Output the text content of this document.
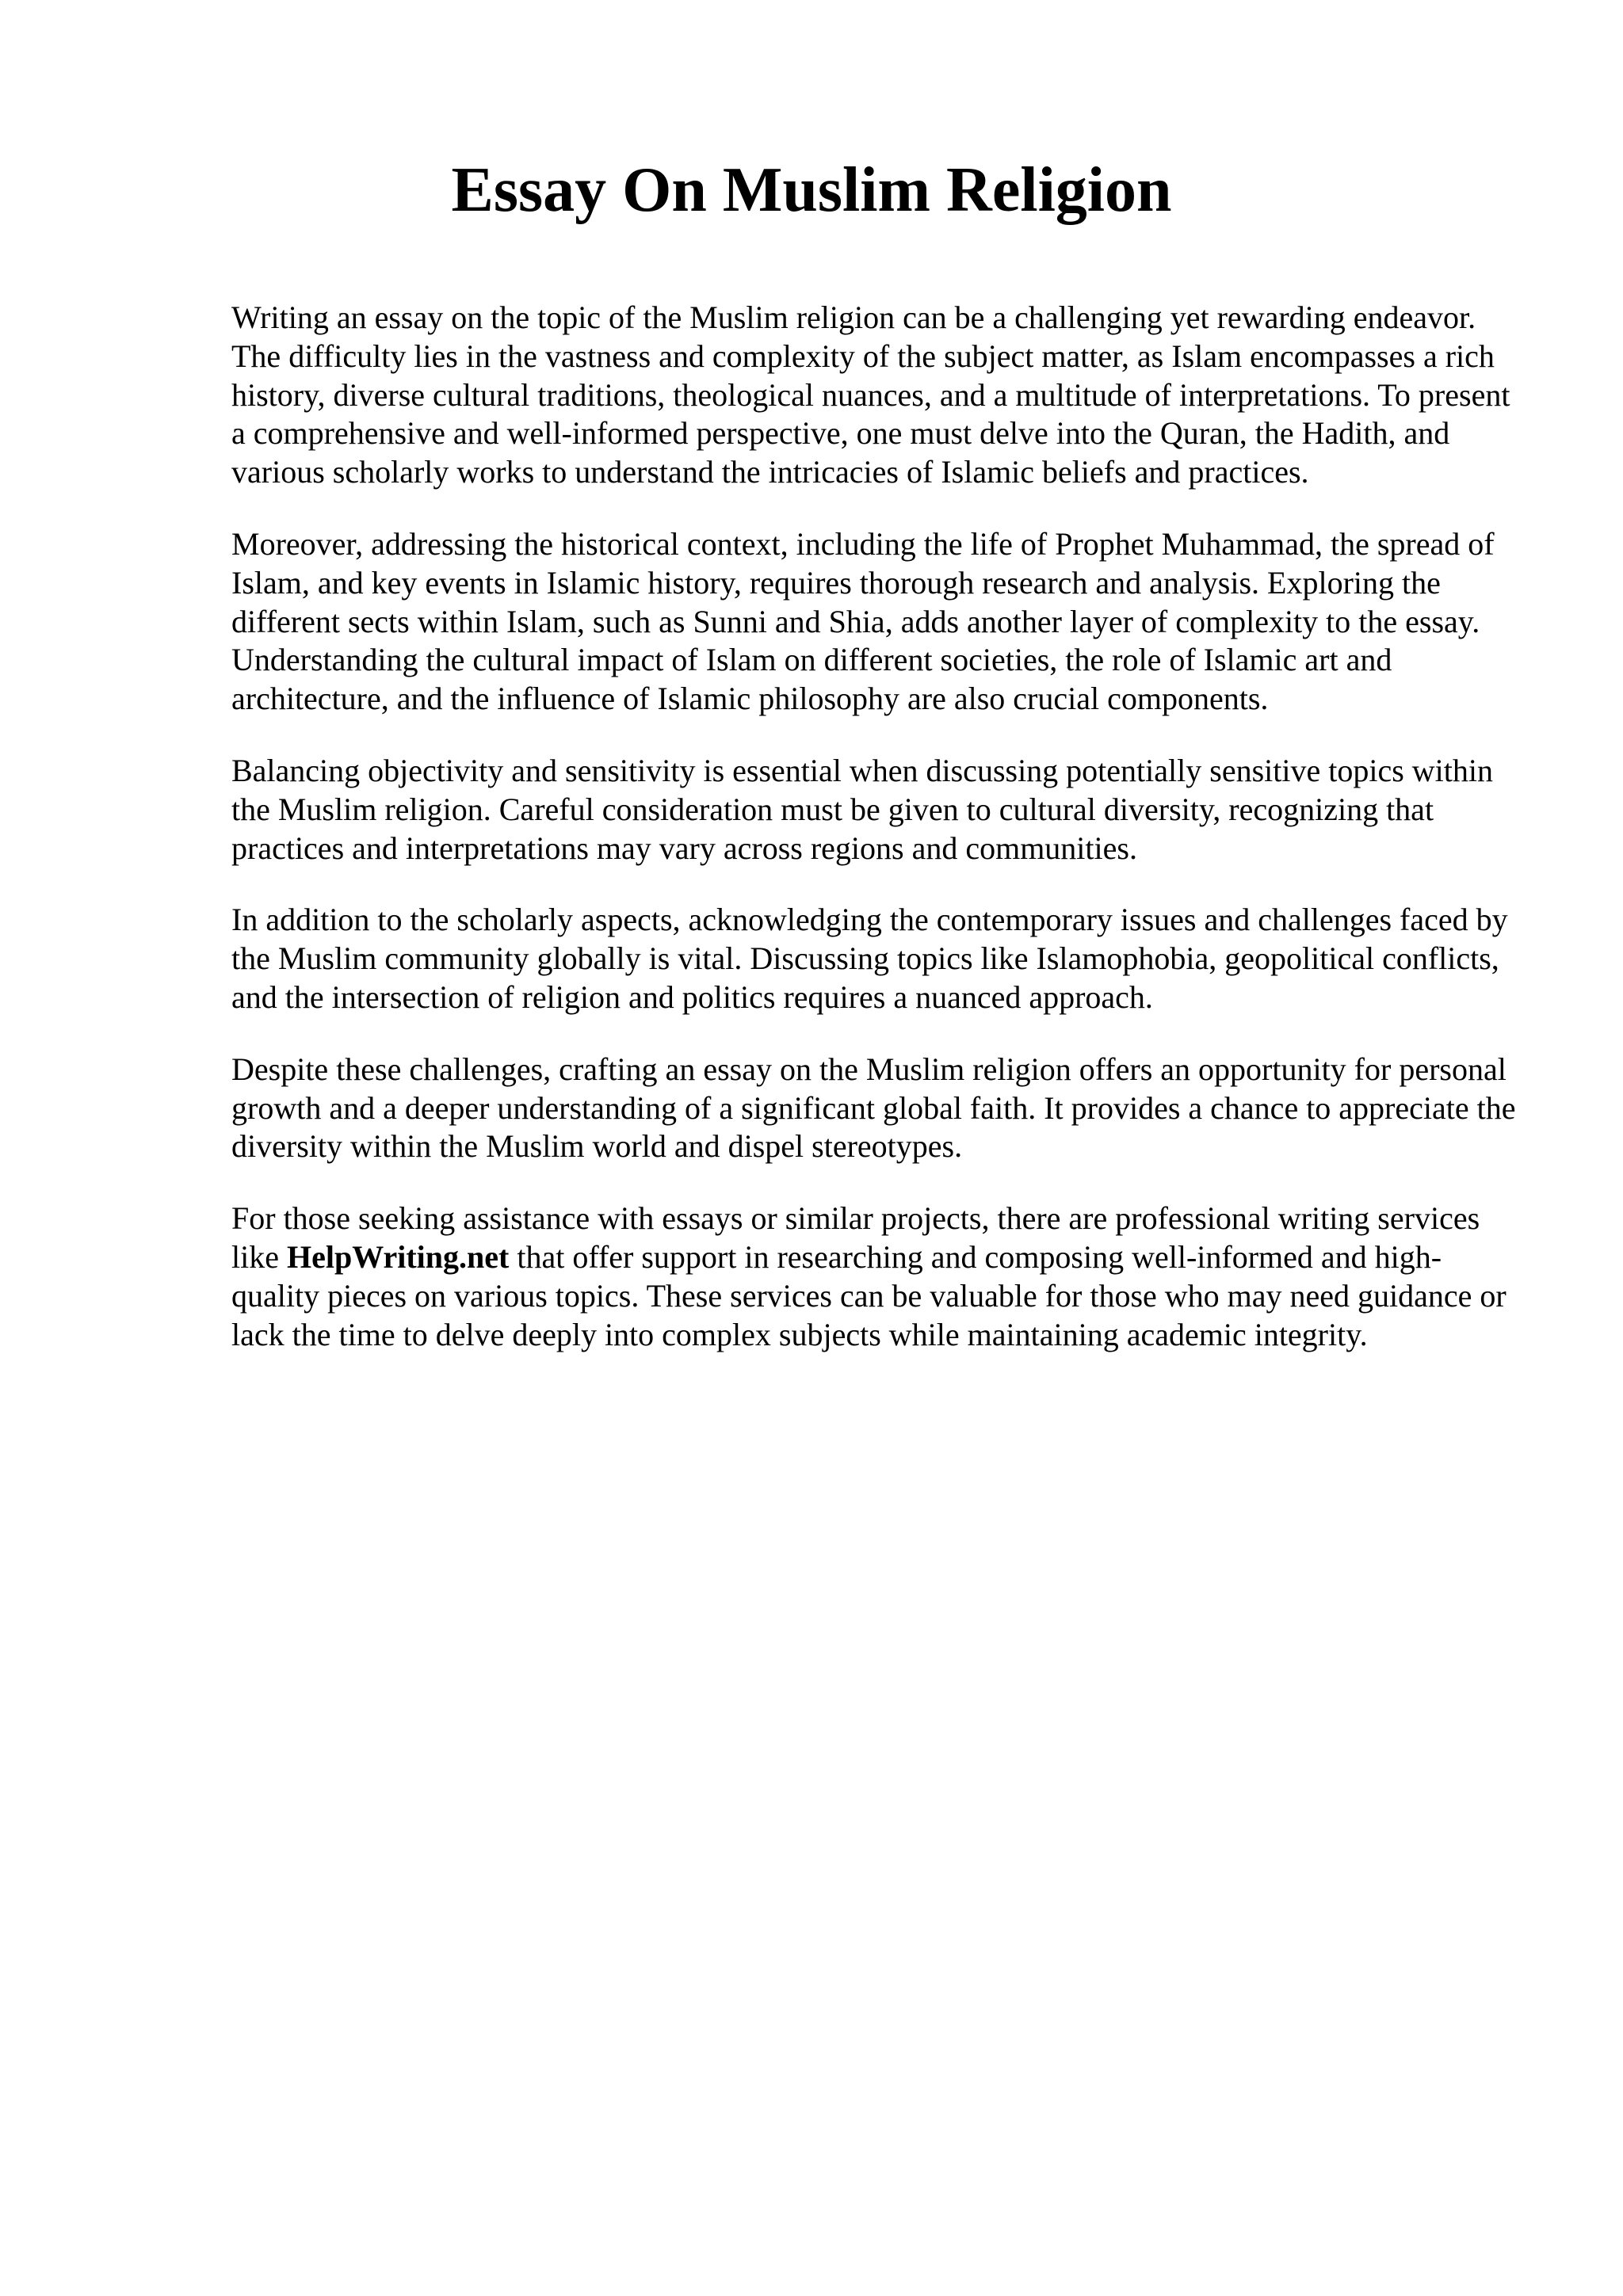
Essay On Muslim Religion

Writing an essay on the topic of the Muslim religion can be a challenging yet rewarding endeavor. The difficulty lies in the vastness and complexity of the subject matter, as Islam encompasses a rich history, diverse cultural traditions, theological nuances, and a multitude of interpretations. To present a comprehensive and well-informed perspective, one must delve into the Quran, the Hadith, and various scholarly works to understand the intricacies of Islamic beliefs and practices.

Moreover, addressing the historical context, including the life of Prophet Muhammad, the spread of Islam, and key events in Islamic history, requires thorough research and analysis. Exploring the different sects within Islam, such as Sunni and Shia, adds another layer of complexity to the essay. Understanding the cultural impact of Islam on different societies, the role of Islamic art and architecture, and the influence of Islamic philosophy are also crucial components.

Balancing objectivity and sensitivity is essential when discussing potentially sensitive topics within the Muslim religion. Careful consideration must be given to cultural diversity, recognizing that practices and interpretations may vary across regions and communities.

In addition to the scholarly aspects, acknowledging the contemporary issues and challenges faced by the Muslim community globally is vital. Discussing topics like Islamophobia, geopolitical conflicts, and the intersection of religion and politics requires a nuanced approach.

Despite these challenges, crafting an essay on the Muslim religion offers an opportunity for personal growth and a deeper understanding of a significant global faith. It provides a chance to appreciate the diversity within the Muslim world and dispel stereotypes.

For those seeking assistance with essays or similar projects, there are professional writing services like HelpWriting.net that offer support in researching and composing well-informed and high-quality pieces on various topics. These services can be valuable for those who may need guidance or lack the time to delve deeply into complex subjects while maintaining academic integrity.
